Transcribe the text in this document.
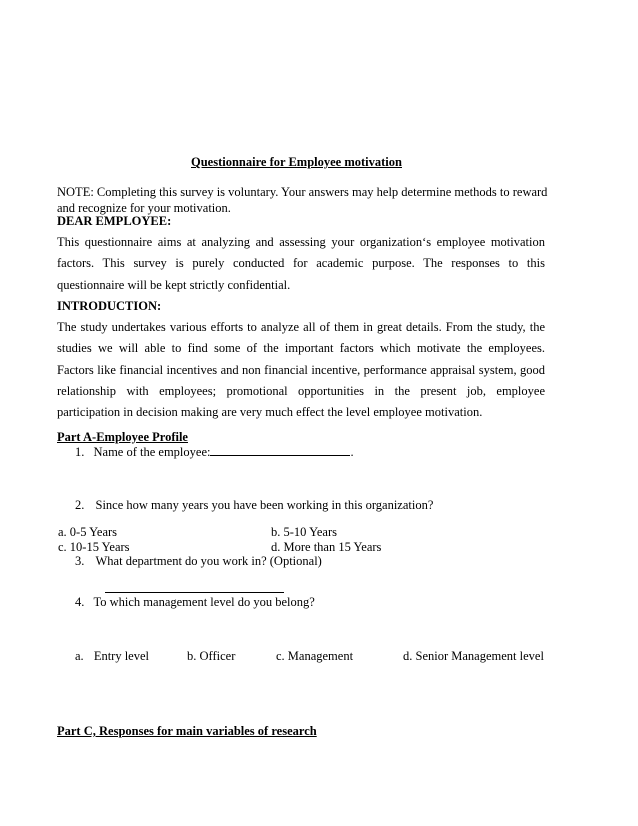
Questionnaire for Employee motivation
NOTE: Completing this survey is voluntary. Your answers may help determine methods to reward and recognize for your motivation.
DEAR EMPLOYEE:
This questionnaire aims at analyzing and assessing your organization‘s employee motivation
factors. This survey is purely conducted for academic purpose. The responses to this
questionnaire will be kept strictly confidential.
INTRODUCTION:
The study undertakes various efforts to analyze all of them in great details. From the study, the
studies we will able to find some of the important factors which motivate the employees.
Factors like financial incentives and non financial incentive, performance appraisal system, good
relationship with employees; promotional opportunities in the present job, employee
participation in decision making are very much effect the level employee motivation.
Part A-Employee Profile
1. Name of the employee:	.
2. Since how many years you have been working in this organization?
a. 0-5 Years	b. 5-10 Years
c. 10-15 Years	d. More than 15 Years
3. What department do you work in? (Optional)
4. To which management level do you belong?
a. Entry level	b. Officer	c. Management	d. Senior Management level
Part C, Responses for main variables of research
